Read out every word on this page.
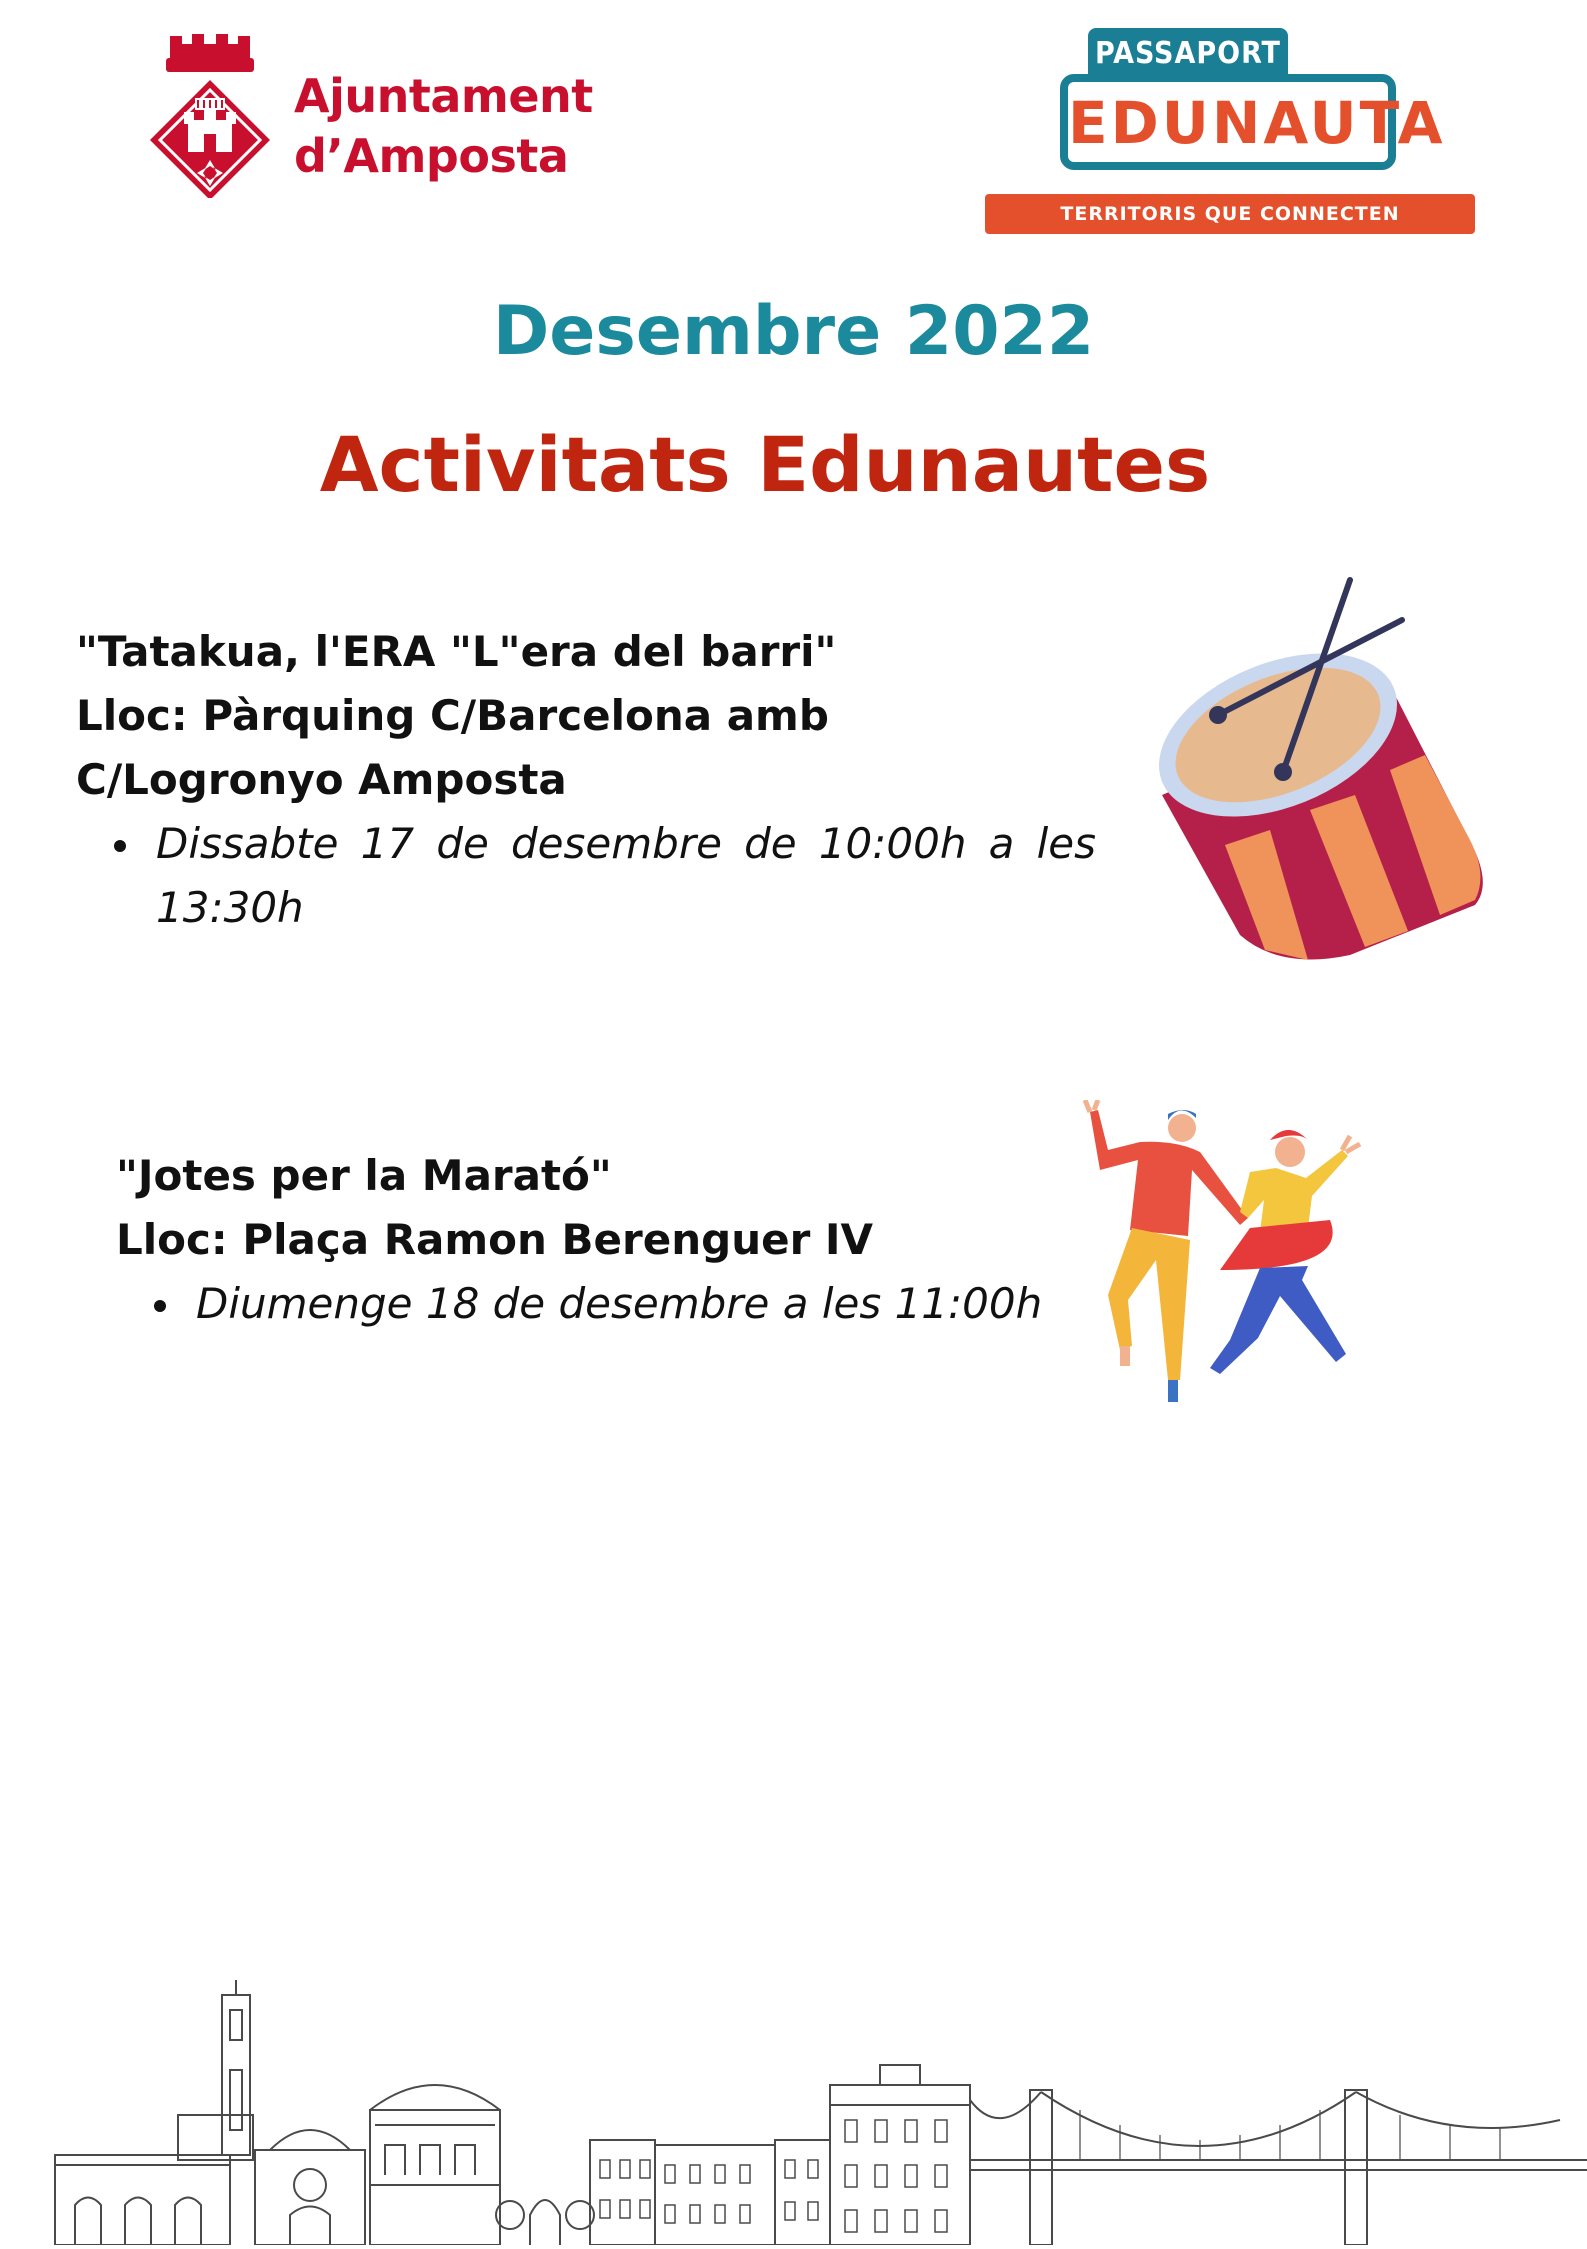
Ajuntament
d’Amposta
PASSAPORT
EDUNAUTA
TERRITORIS QUE CONNECTEN OPORTUNITATS
Desembre 2022
Activitats Edunautes
"Tatakua, l'ERA "L"era del barri"
Lloc: Pàrquing C/Barcelona amb
C/Logronyo Amposta
Dissabte 17 de desembre de 10:00h a les 13:30h
"Jotes per la Marató"
Lloc: Plaça Ramon Berenguer IV
Diumenge 18 de desembre a les 11:00h
